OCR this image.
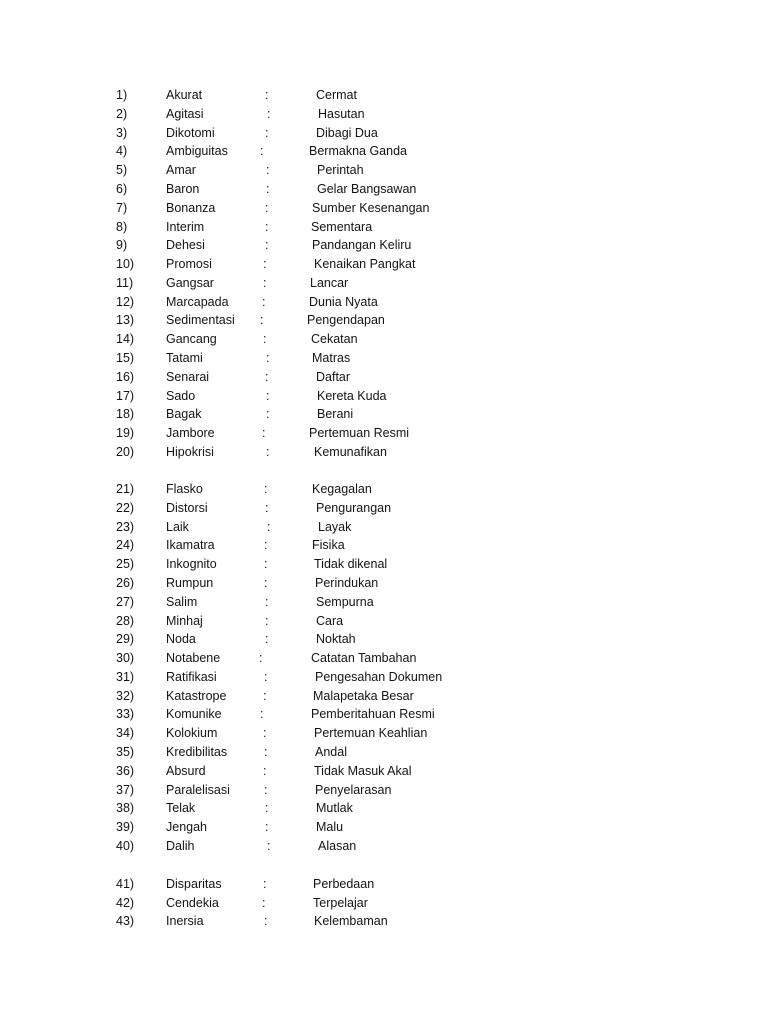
1)	Akurat	:	Cermat
2)	Agitasi	:	Hasutan
3)	Dikotomi	:	Dibagi Dua
4)	Ambiguitas	:	Bermakna Ganda
5)	Amar	:	Perintah
6)	Baron	:	Gelar Bangsawan
7)	Bonanza	:	Sumber Kesenangan
8)	Interim	:	Sementara
9)	Dehesi	:	Pandangan Keliru
10)	Promosi	:	Kenaikan Pangkat
11)	Gangsar	:	Lancar
12)	Marcapada	:	Dunia Nyata
13)	Sedimentasi :	Pengendapan
14)	Gancang	:	Cekatan
15)	Tatami	:	Matras
16)	Senarai	:	Daftar
17)	Sado	:	Kereta Kuda
18)	Bagak	:	Berani
19)	Jambore	:	Pertemuan Resmi
20)	Hipokrisi	:	Kemunafikan
21)	Flasko	:	Kegagalan
22)	Distorsi	:	Pengurangan
23)	Laik	:	Layak
24)	Ikamatra	:	Fisika
25)	Inkognito	:	Tidak dikenal
26)	Rumpun	:	Perindukan
27)	Salim	:	Sempurna
28)	Minhaj	:	Cara
29)	Noda	:	Noktah
30)	Notabene	:	Catatan Tambahan
31)	Ratifikasi	:	Pengesahan Dokumen
32)	Katastrope	:	Malapetaka Besar
33)	Komunike	:	Pemberitahuan Resmi
34)	Kolokium	:	Pertemuan Keahlian
35)	Kredibilitas	:	Andal
36)	Absurd	:	Tidak Masuk Akal
37)	Paralelisasi	:	Penyelarasan
38)	Telak	:	Mutlak
39)	Jengah	:	Malu
40)	Dalih	:	Alasan
41)	Disparitas	:	Perbedaan
42)	Cendekia	:	Terpelajar
43)	Inersia	:	Kelembaman
